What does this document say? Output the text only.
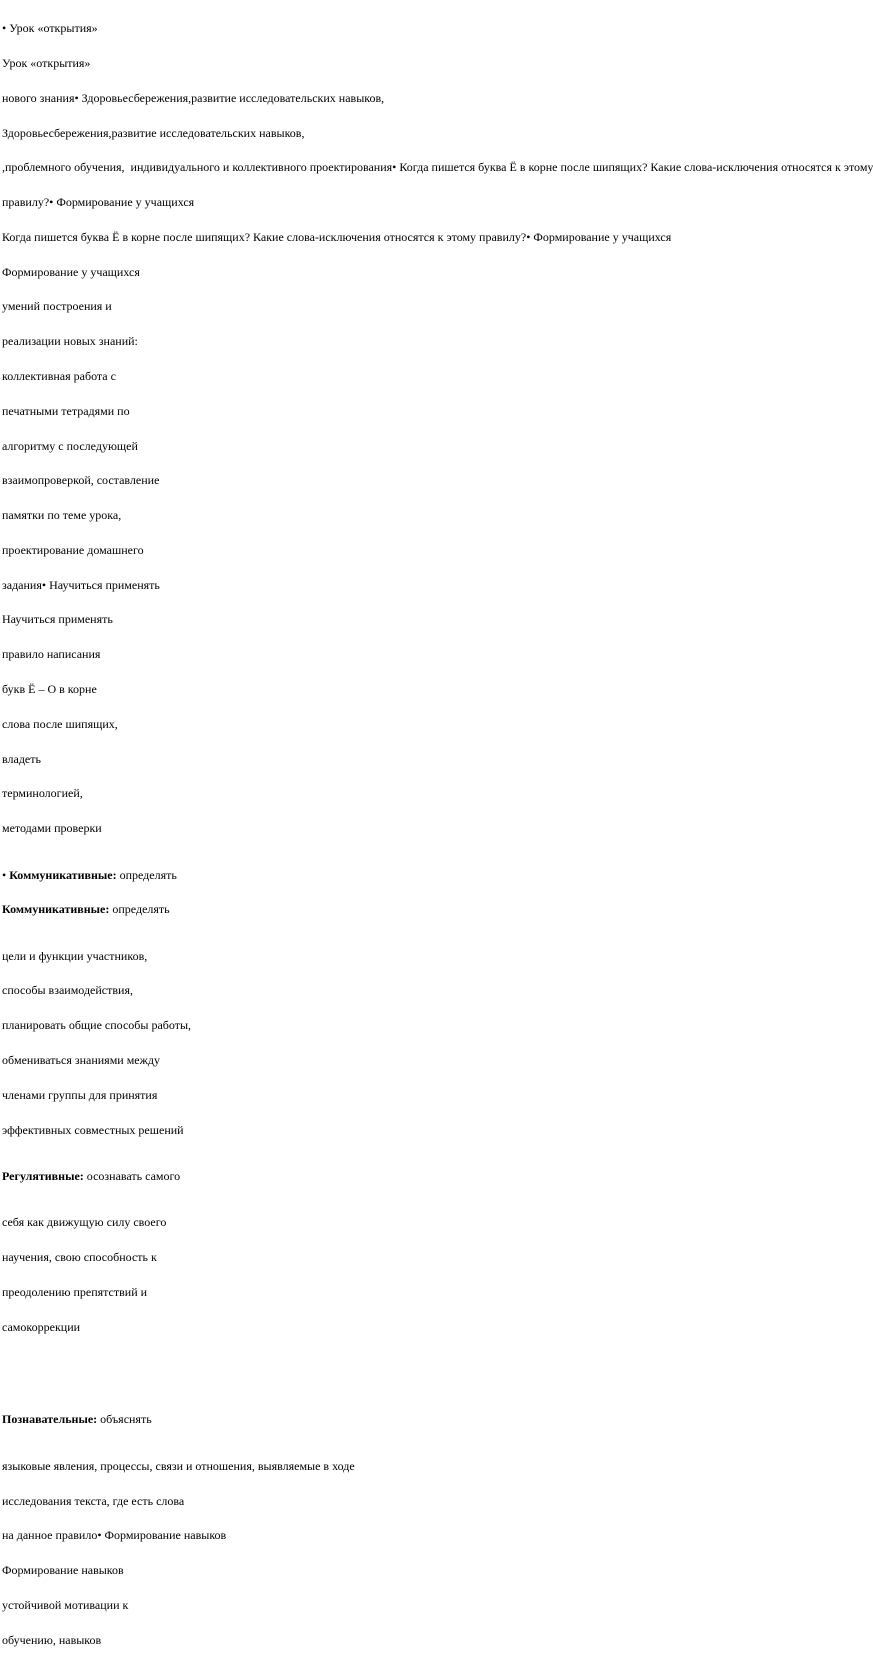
• Урок «открытия»

Урок «открытия»

нового знания• Здоровьесбережения,развитие исследовательских навыков,

Здоровьесбережения,развитие исследовательских навыков,

,проблемного обучения,  индивидуального и коллективного проектирования• Когда пишется буква Ё в корне после шипящих? Какие слова-исключения относятся к этому

правилу?• Формирование у учащихся

Когда пишется буква Ё в корне после шипящих? Какие слова-исключения относятся к этому правилу?• Формирование у учащихся

Формирование у учащихся

умений построения и

реализации новых знаний:

коллективная работа с

печатными тетрадями по

алгоритму с последующей

взаимопроверкой, составление

памятки по теме урока,

проектирование домашнего

задания• Научиться применять

Научиться применять

правило написания

букв Ё – О в корне

слова после шипящих,

владеть

терминологией,

методами проверки

• Коммуникативные: определять

Коммуникативные: определять

цели и функции участников,

способы взаимодействия,

планировать общие способы работы,

обмениваться знаниями между

членами группы для принятия

эффективных совместных решений

Регулятивные: осознавать самого

себя как движущую силу своего

научения, свою способность к

преодолению препятствий и

самокоррекции

Познавательные: объяснять

языковые явления, процессы, связи и отношения, выявляемые в ходе

исследования текста, где есть слова

на данное правило• Формирование навыков

Формирование навыков

устойчивой мотивации к

обучению, навыков
